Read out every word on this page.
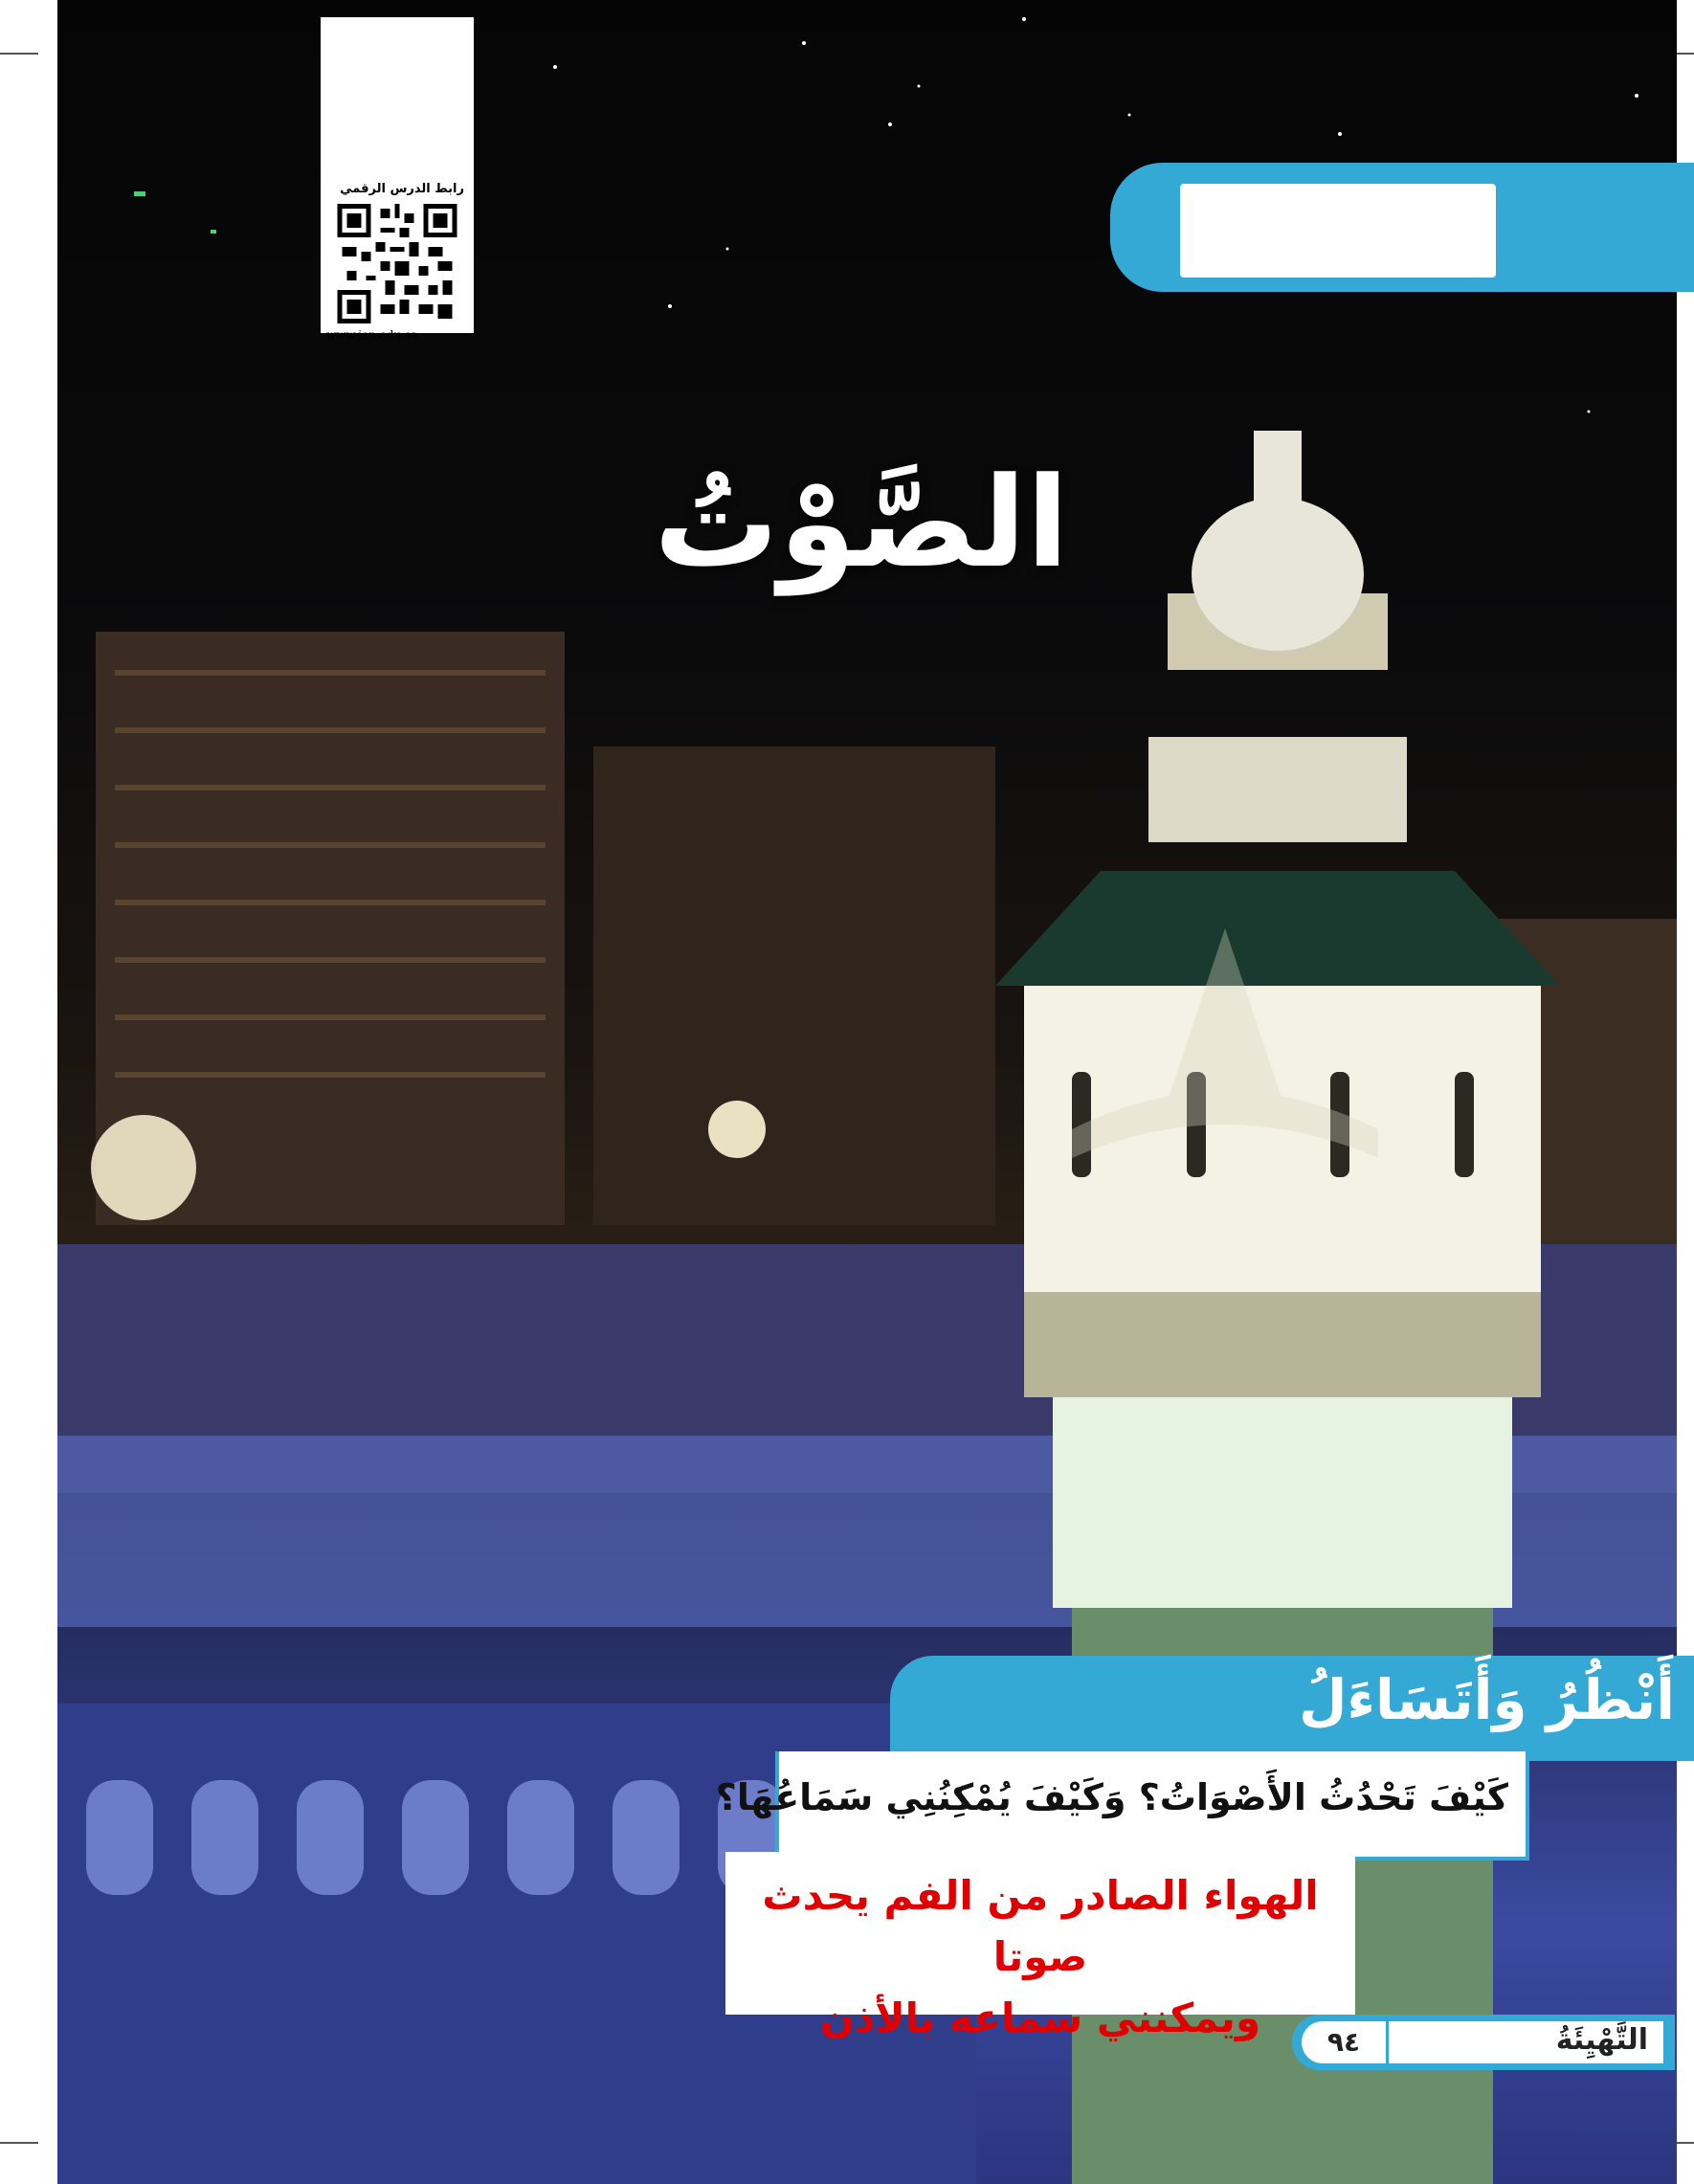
رابط الدرس الرقمي
www.ien.edu.sa
الصَّوْتُ
أَنْظُرُ وَأَتَسَاءَلُ
كَيْفَ تَحْدُثُ الأَصْوَاتُ؟ وَكَيْفَ يُمْكِنُنِي سَمَاعُهَا؟
الهواء الصادر من الفم يحدث صوتا
ويمكنني سماعه بالأذن
٩٤	التَّهْيِئَةُ
